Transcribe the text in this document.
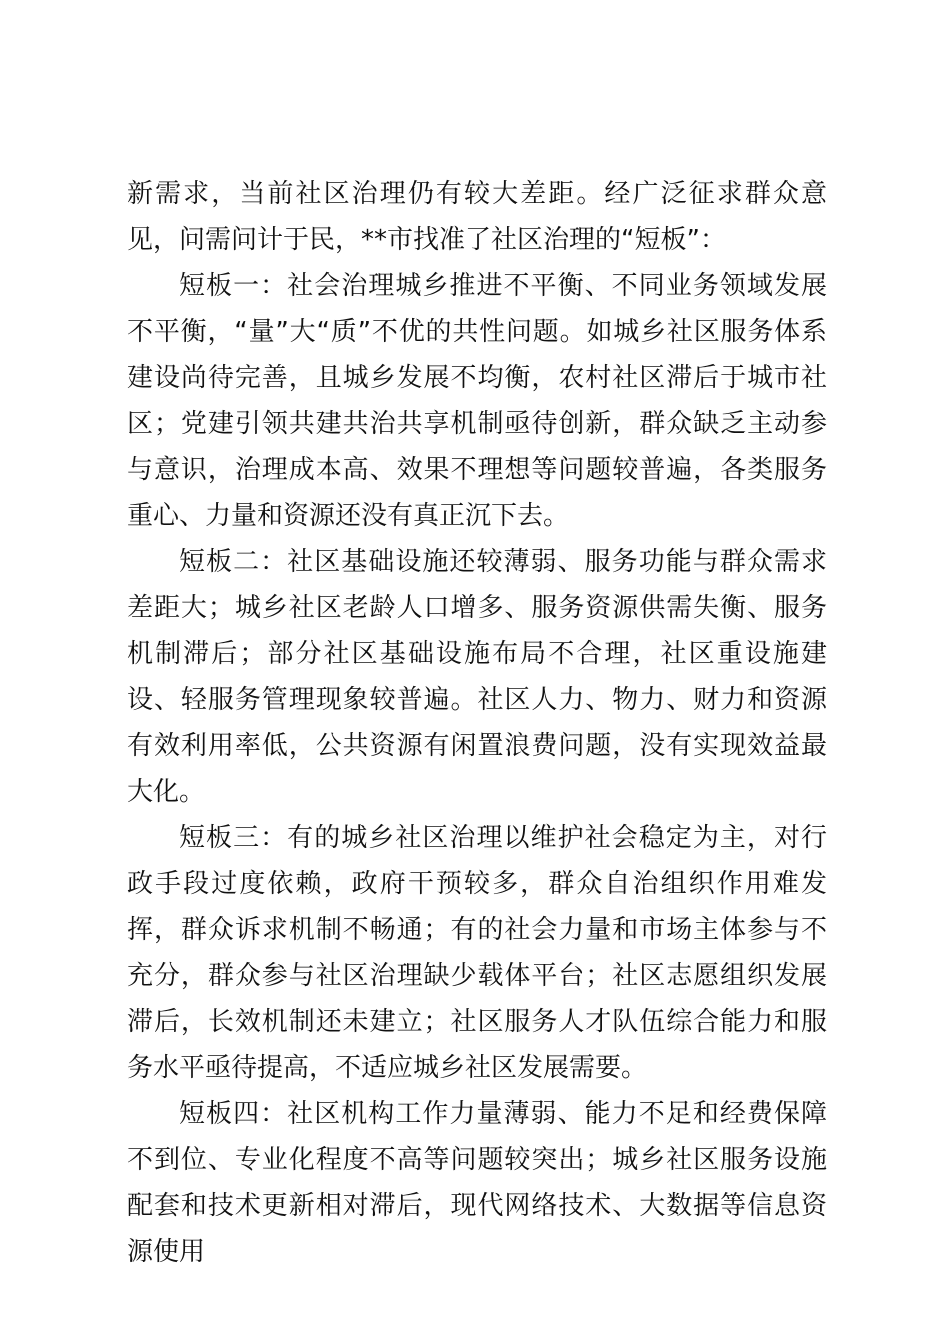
新需求，当前社区治理仍有较大差距。经广泛征求群众意见，问需问计于民，**市找准了社区治理的“短板”：

短板一：社会治理城乡推进不平衡、不同业务领域发展不平衡，“量”大“质”不优的共性问题。如城乡社区服务体系建设尚待完善，且城乡发展不均衡，农村社区滞后于城市社区；党建引领共建共治共享机制亟待创新，群众缺乏主动参与意识，治理成本高、效果不理想等问题较普遍，各类服务重心、力量和资源还没有真正沉下去。

短板二：社区基础设施还较薄弱、服务功能与群众需求差距大；城乡社区老龄人口增多、服务资源供需失衡、服务机制滞后；部分社区基础设施布局不合理，社区重设施建设、轻服务管理现象较普遍。社区人力、物力、财力和资源有效利用率低，公共资源有闲置浪费问题，没有实现效益最大化。

短板三：有的城乡社区治理以维护社会稳定为主，对行政手段过度依赖，政府干预较多，群众自治组织作用难发挥，群众诉求机制不畅通；有的社会力量和市场主体参与不充分，群众参与社区治理缺少载体平台；社区志愿组织发展滞后，长效机制还未建立；社区服务人才队伍综合能力和服务水平亟待提高，不适应城乡社区发展需要。

短板四：社区机构工作力量薄弱、能力不足和经费保障不到位、专业化程度不高等问题较突出；城乡社区服务设施配套和技术更新相对滞后，现代网络技术、大数据等信息资源使用
